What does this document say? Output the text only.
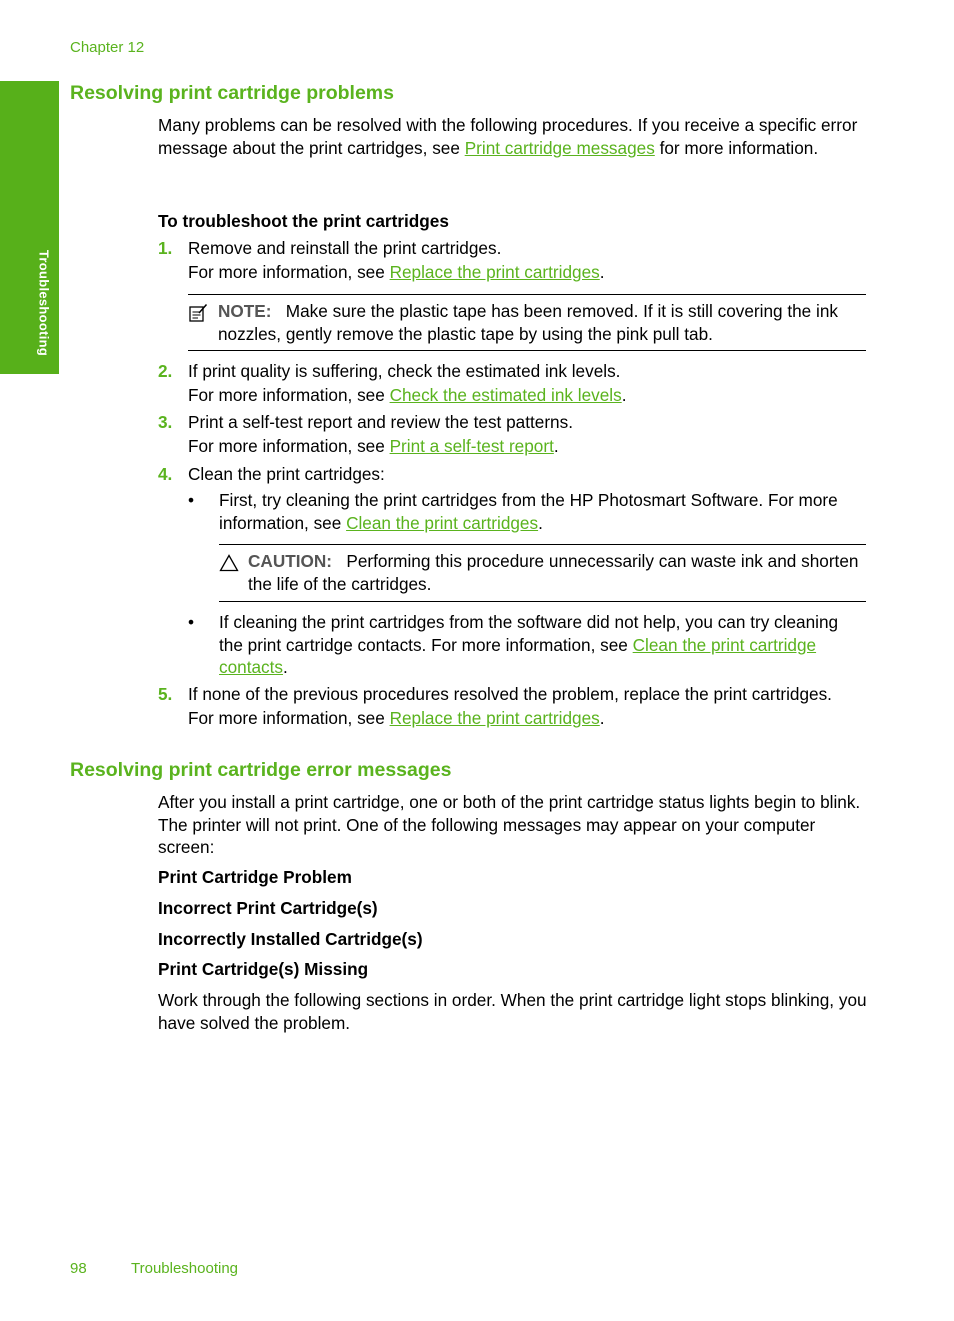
Chapter 12
Troubleshooting
Resolving print cartridge problems
Many problems can be resolved with the following procedures. If you receive a specific error message about the print cartridges, see Print cartridge messages for more information.
To troubleshoot the print cartridges
1. Remove and reinstall the print cartridges.
For more information, see Replace the print cartridges.
NOTE: Make sure the plastic tape has been removed. If it is still covering the ink nozzles, gently remove the plastic tape by using the pink pull tab.
2. If print quality is suffering, check the estimated ink levels.
For more information, see Check the estimated ink levels.
3. Print a self-test report and review the test patterns.
For more information, see Print a self-test report.
4. Clean the print cartridges:
• First, try cleaning the print cartridges from the HP Photosmart Software. For more information, see Clean the print cartridges.
CAUTION: Performing this procedure unnecessarily can waste ink and shorten the life of the cartridges.
• If cleaning the print cartridges from the software did not help, you can try cleaning the print cartridge contacts. For more information, see Clean the print cartridge contacts.
5. If none of the previous procedures resolved the problem, replace the print cartridges.
For more information, see Replace the print cartridges.
Resolving print cartridge error messages
After you install a print cartridge, one or both of the print cartridge status lights begin to blink. The printer will not print. One of the following messages may appear on your computer screen:
Print Cartridge Problem
Incorrect Print Cartridge(s)
Incorrectly Installed Cartridge(s)
Print Cartridge(s) Missing
Work through the following sections in order. When the print cartridge light stops blinking, you have solved the problem.
98	Troubleshooting
